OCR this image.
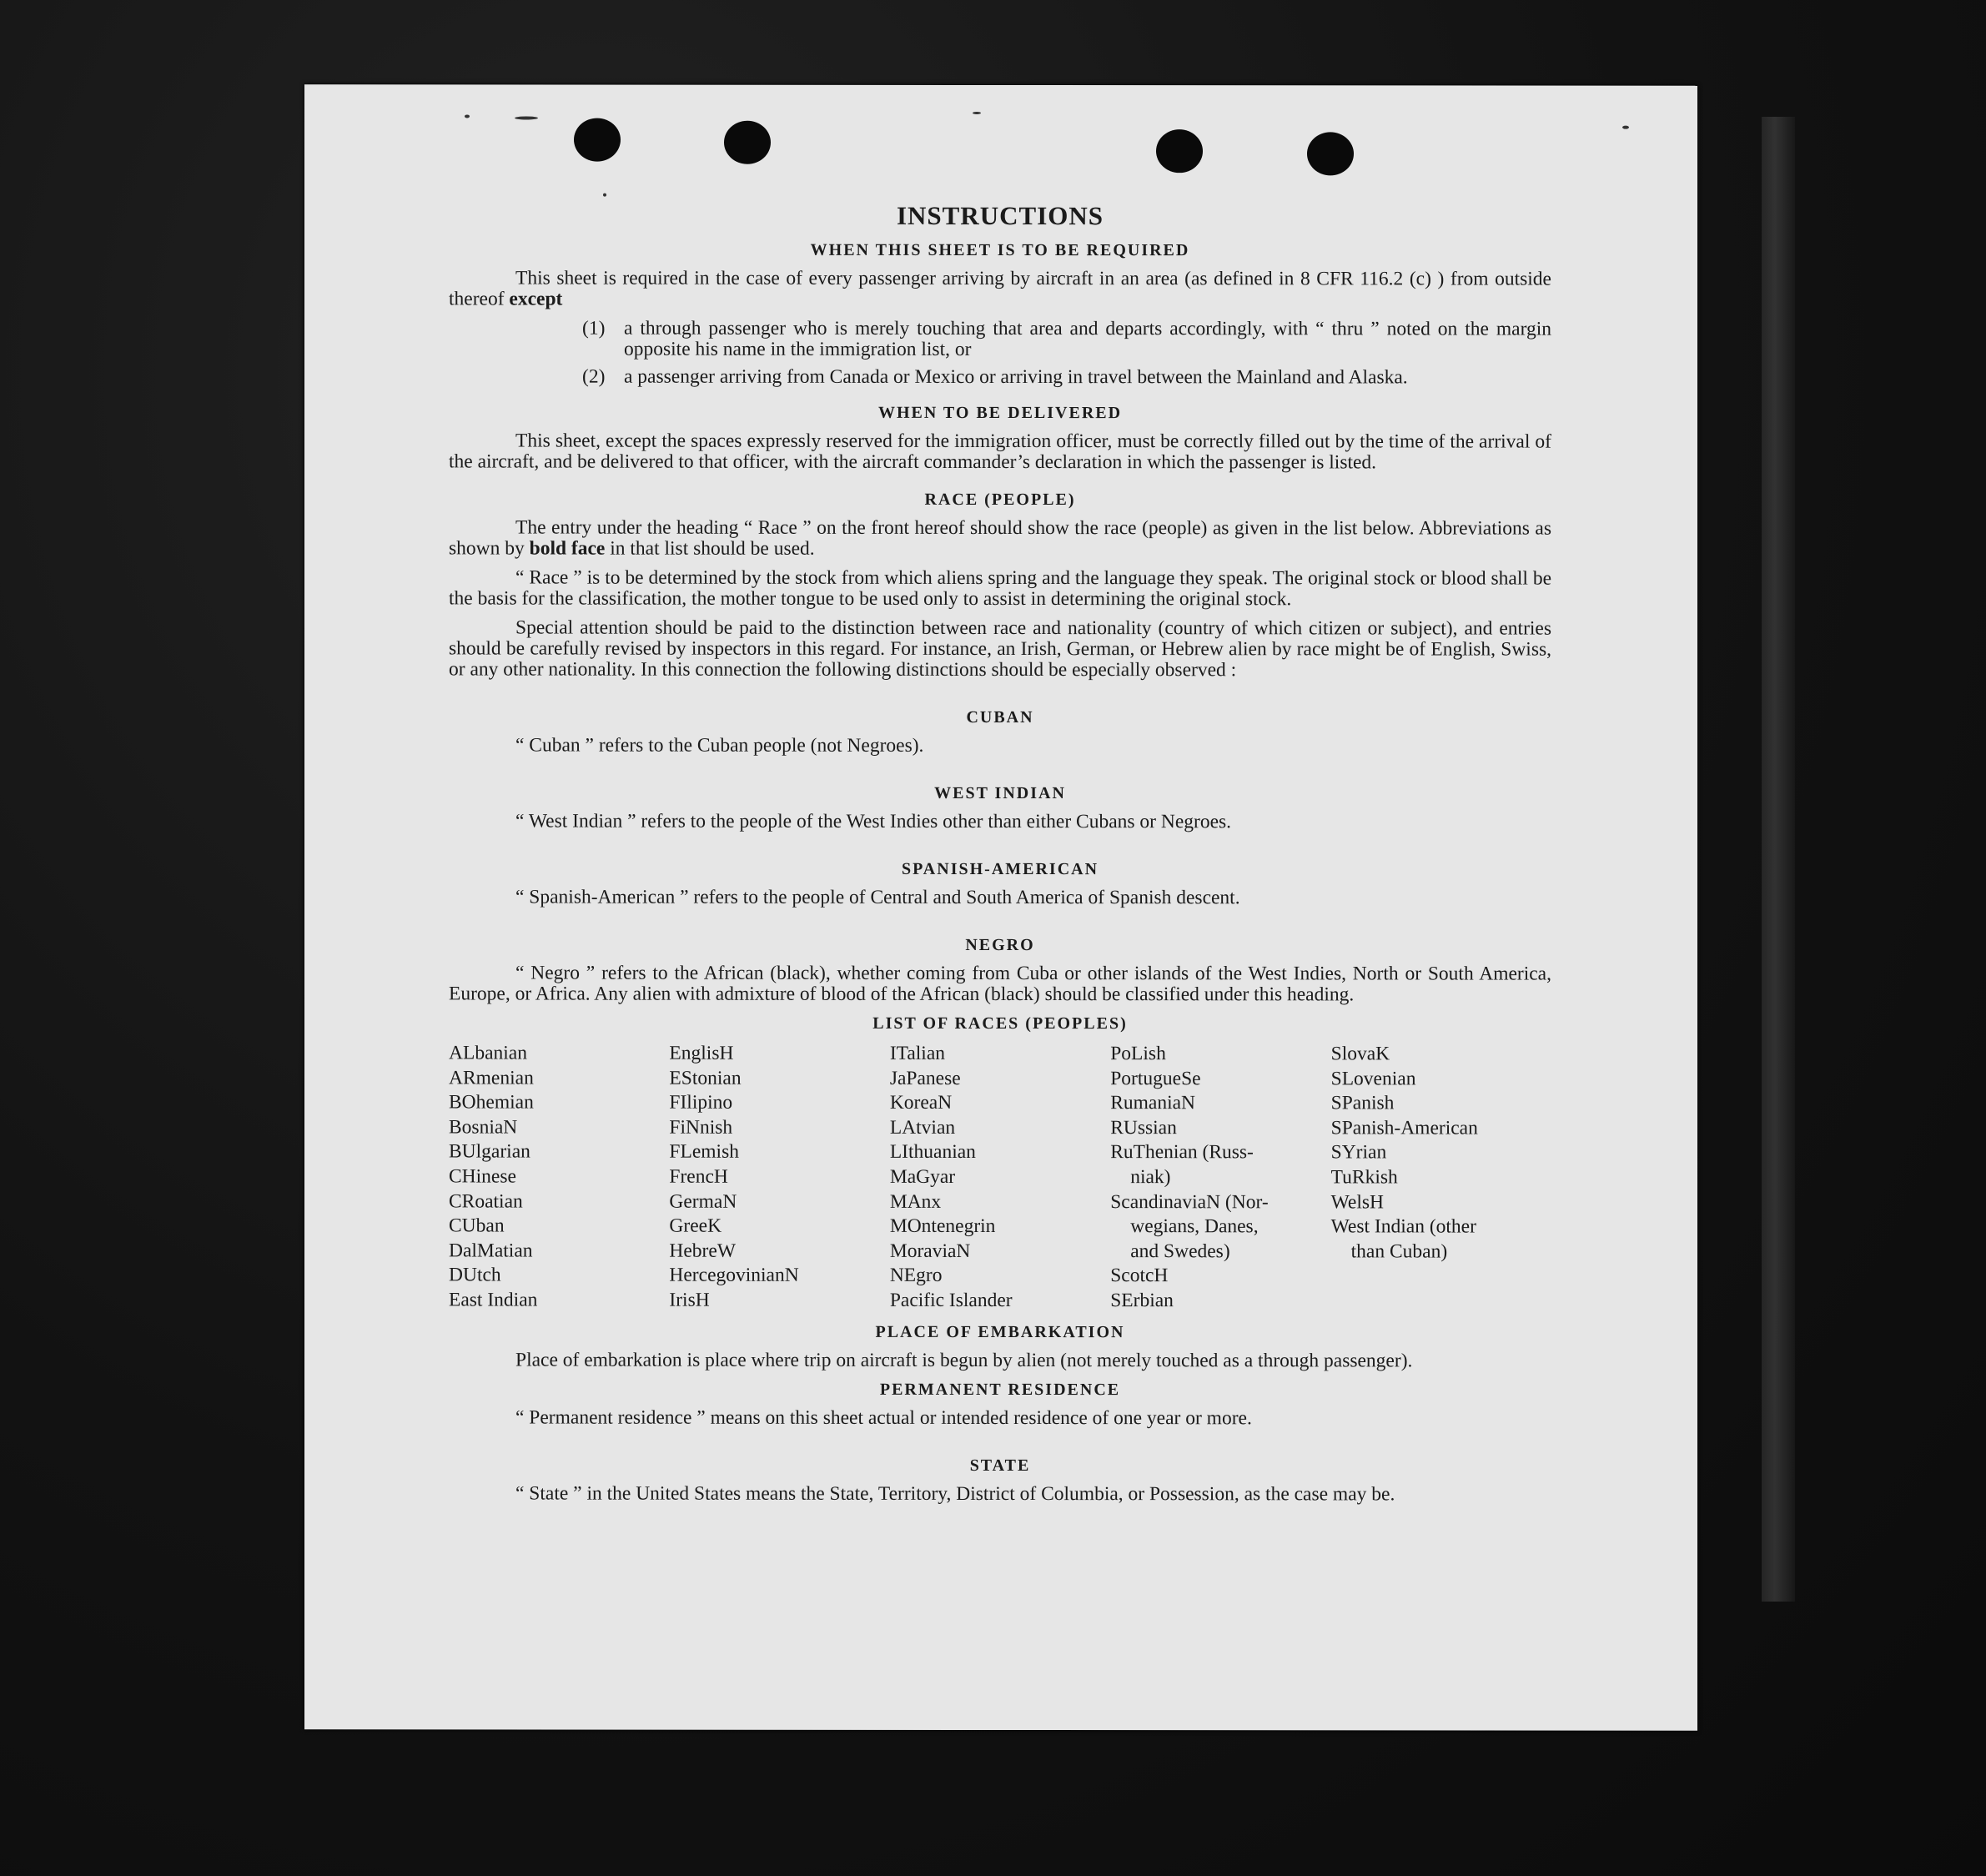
INSTRUCTIONS
WHEN THIS SHEET IS TO BE REQUIRED

This sheet is required in the case of every passenger arriving by aircraft in an area (as defined in 8 CFR 116.2 (c) ) from outside thereof except

(1) a through passenger who is merely touching that area and departs accordingly, with “ thru ” noted on the margin opposite his name in the immigration list, or
(2) a passenger arriving from Canada or Mexico or arriving in travel between the Mainland and Alaska.
WHEN TO BE DELIVERED

This sheet, except the spaces expressly reserved for the immigration officer, must be correctly filled out by the time of the arrival of the aircraft, and be delivered to that officer, with the aircraft commander’s declaration in which the passenger is listed.

RACE (PEOPLE)

The entry under the heading “ Race ” on the front hereof should show the race (people) as given in the list below. Abbreviations as shown by bold face in that list should be used.

“ Race ” is to be determined by the stock from which aliens spring and the language they speak. The original stock or blood shall be the basis for the classification, the mother tongue to be used only to assist in determining the original stock.

Special attention should be paid to the distinction between race and nationality (country of which citizen or subject), and entries should be carefully revised by inspectors in this regard. For instance, an Irish, German, or Hebrew alien by race might be of English, Swiss, or any other nationality. In this connection the following distinctions should be especially observed :

CUBAN

“ Cuban ” refers to the Cuban people (not Negroes).

WEST INDIAN

“ West Indian ” refers to the people of the West Indies other than either Cubans or Negroes.

SPANISH-AMERICAN

“ Spanish-American ” refers to the people of Central and South America of Spanish descent.

NEGRO

“ Negro ” refers to the African (black), whether coming from Cuba or other islands of the West Indies, North or South America, Europe, or Africa. Any alien with admixture of blood of the African (black) should be classified under this heading.

LIST OF RACES (PEOPLES)
ALbanian
ARmenian
BOhemian
BosniaN
BUlgarian
CHinese
CRoatian
CUban
DalMatian
DUtch
East Indian
EnglisH
EStonian
FIlipino
FiNnish
FLemish
FrencH
GermaN
GreeK
HebreW
HercegovinianN
IrisH
ITalian
JaPanese
KoreaN
LAtvian
LIthuanian
MaGyar
MAnx
MOntenegrin
MoraviaN
NEgro
Pacific Islander
PoLish
PortugueSe
RumaniaN
RUssian
RuThenian (Russ-
niak)
ScandinaviaN (Nor-
wegians, Danes,
and Swedes)
ScotcH
SErbian
SlovaK
SLovenian
SPanish
SPanish-American
SYrian
TuRkish
WelsH
West Indian (other
than Cuban)
PLACE OF EMBARKATION

Place of embarkation is place where trip on aircraft is begun by alien (not merely touched as a through passenger).

PERMANENT RESIDENCE

“ Permanent residence ” means on this sheet actual or intended residence of one year or more.

STATE

“ State ” in the United States means the State, Territory, District of Columbia, or Possession, as the case may be.
